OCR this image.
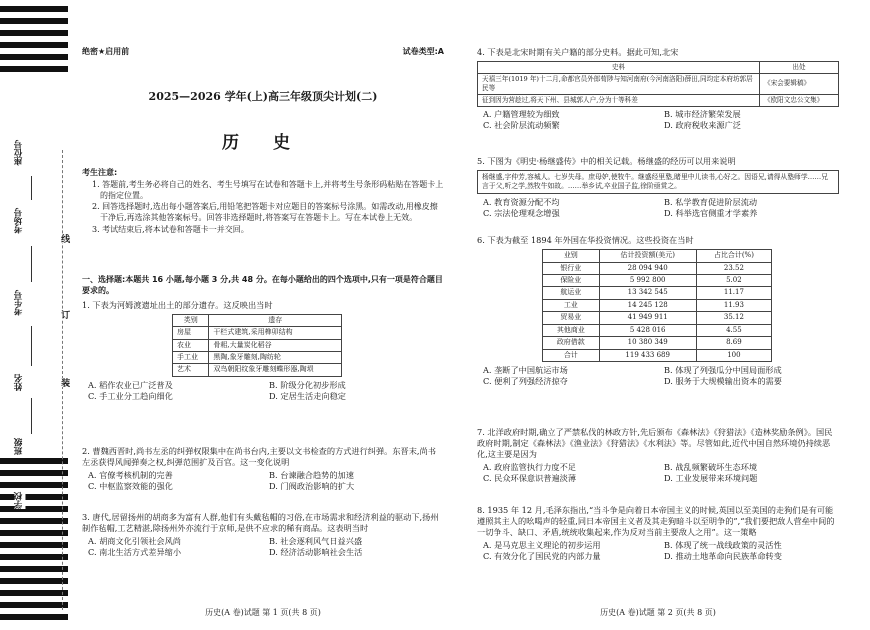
座位号
考场号
考生号
姓名
班级
学校
线
订
装
绝密★启用前	试卷类型:A
2025—2026 学年(上)高三年级顶尖计划(二)
历 史
考生注意:

1. 答题前,考生务必将自己的姓名、考生号填写在试卷和答题卡上,并将考生号条形码粘贴在答题卡上的指定位置。

2. 回答选择题时,选出每小题答案后,用铅笔把答题卡对应题目的答案标号涂黑。如需改动,用橡皮擦干净后,再选涂其他答案标号。回答非选择题时,将答案写在答题卡上。写在本试卷上无效。

3. 考试结束后,将本试卷和答题卡一并交回。

一、选择题:本题共 16 小题,每小题 3 分,共 48 分。在每小题给出的四个选项中,只有一项是符合题目要求的。

1. 下表为河姆渡遗址出土的部分遗存。这反映出当时

类别	遗存
房屋	干栏式建筑,采用榫卯结构
农业	骨耜,大量炭化稻谷
手工业	黑陶,象牙雕刻,陶纺轮
艺术	双鸟朝阳纹象牙雕刻蝶形器,陶埙
A. 稻作农业已广泛普及	B. 阶级分化初步形成
C. 手工业分工趋向细化	D. 定居生活走向稳定

2. 曹魏西晋时,尚书左丞的纠弹权限集中在尚书台内,主要以文书检查的方式进行纠弹。东晋末,尚书左丞获得风闻弹奏之权,纠弹范围扩及百官。这一变化说明

A. 官僚考核机制的完善	B. 台谏融合趋势的加速
C. 中枢监察效能的强化	D. 门阀政治影响的扩大

3. 唐代,居留扬州的胡商多为富有人群,他们有头戴毡帽的习俗,在市场需求和经济利益的驱动下,扬州制作毡帽,工艺精湛,除扬州外亦流行于京师,是供不应求的稀有商品。这表明当时

A. 胡商文化引领社会风尚	B. 社会逐利风气日益兴盛
C. 南北生活方式差异缩小	D. 经济活动影响社会生活
历史(A 卷)试题 第 1 页(共 8 页)

4. 下表是北宋时期有关户籍的部分史料。据此可知,北宋

史料	出处
天禧三年(1019 年)十二月,命都官员外郎荀陟与知河南府(今河南洛阳)薛田,同均定本府坊郭居民等	《宋会要辑稿》
征到因为营趁过,将天下州、县城郭人户,分为十等科差	《欧阳文忠公文集》
A. 户籍管理较为细致	B. 城市经济繁荣发展
C. 社会阶层流动频繁	D. 政府税收来源广泛

5. 下图为《明史·杨继盛传》中的相关记载。杨继盛的经历可以用来说明

杨继盛,字仲芳,容城人。七岁失母。庶母妒,使牧牛。继盛经里塾,睹里中儿读书,心好之。因语兄,请得从塾师学……兄言于父,听之学,然牧牛如故。……举乡试,卒业国子监,徐阶亟赏之。
A. 教育资源分配不均	B. 私学教育促进阶层流动
C. 宗法伦理观念增强	D. 科举选官侧重才学素养

6. 下表为截至 1894 年外国在华投资情况。这些投资在当时

业别	估计投资额(美元)	占比合计(%)
银行业	28 094 940	23.52
保险业	5 992 800	5.02
航运业	13 342 545	11.17
工业	14 245 128	11.93
贸易业	41 949 911	35.12
其他商业	5 428 016	4.55
政府借款	10 380 349	8.69
合计	119 433 689	100
A. 垄断了中国航运市场	B. 体现了列强瓜分中国局面形成
C. 便利了列强经济掠夺	D. 服务于大规模输出资本的需要

7. 北洋政府时期,确立了严禁私伐的林政方针,先后颁布《森林法》《狩猎法》《造林奖励条例》。国民政府时期,制定《森林法》《渔业法》《狩猎法》《水利法》等。尽管如此,近代中国自然环境仍持续恶化,这主要是因为

A. 政府监管执行力度不足	B. 战乱频繁破坏生态环境
C. 民众环保意识普遍淡薄	D. 工业发展带来环境问题

8. 1935 年 12 月,毛泽东指出,“当斗争是向着日本帝国主义的时候,英国以至美国的走狗们是有可能遵照其主人的吆喝声的轻重,同日本帝国主义者及其走狗暗斗以至明争的”,“我们要把敌人营垒中间的一切争斗、缺口、矛盾,统统收集起来,作为反对当前主要敌人之用”。这一策略

A. 是马克思主义理论的初步运用	B. 体现了统一战线政策的灵活性
C. 有效分化了国民党的内部力量	D. 推动土地革命向民族革命转变
历史(A 卷)试题 第 2 页(共 8 页)
